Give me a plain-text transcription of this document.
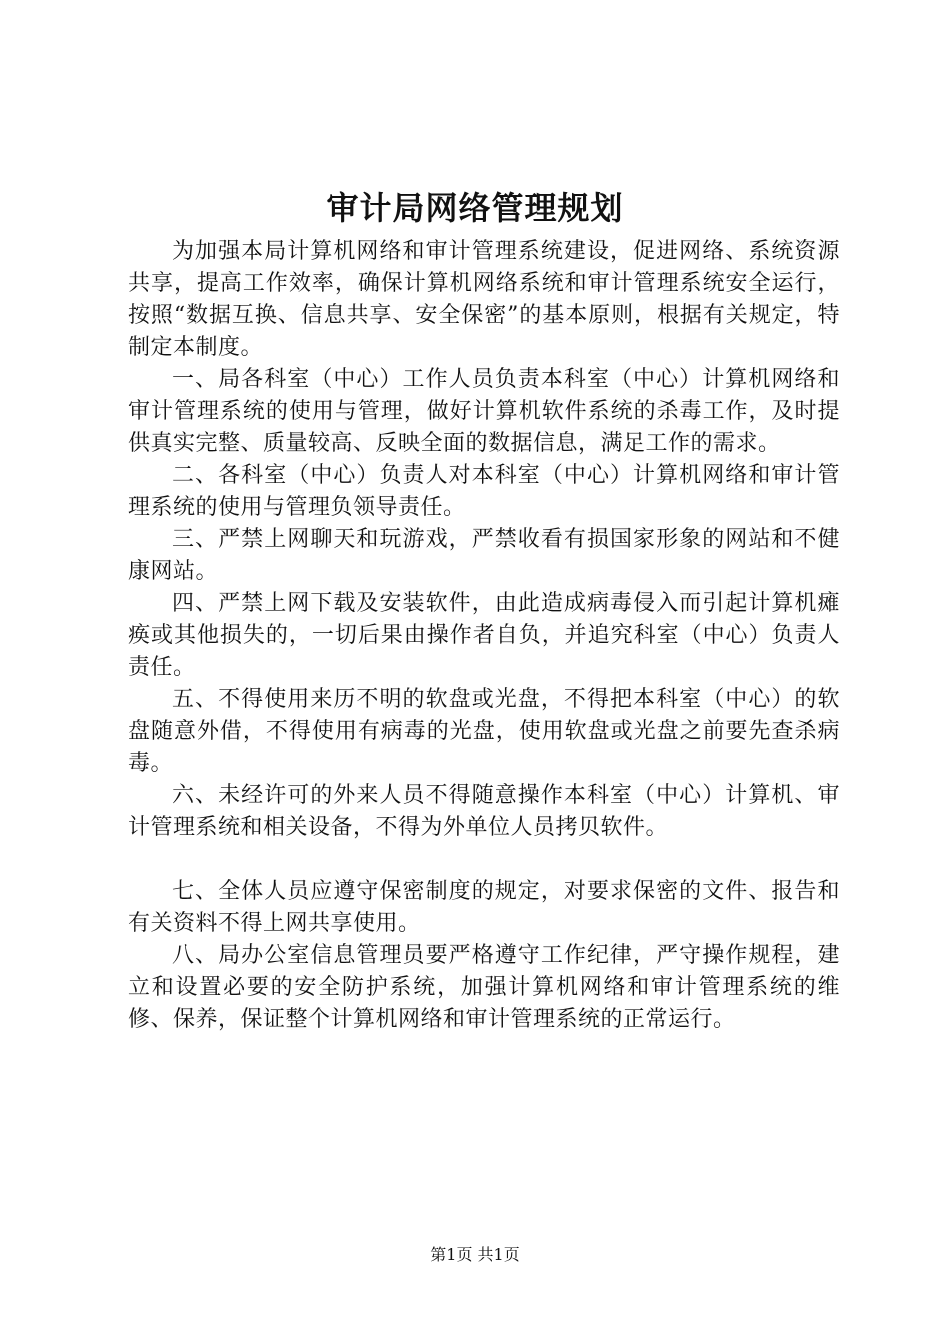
审计局网络管理规划

为加强本局计算机网络和审计管理系统建设，促进网络、系统资源共享，提高工作效率，确保计算机网络系统和审计管理系统安全运行，按照“数据互换、信息共享、安全保密”的基本原则，根据有关规定，特制定本制度。

一、局各科室（中心）工作人员负责本科室（中心）计算机网络和审计管理系统的使用与管理，做好计算机软件系统的杀毒工作，及时提供真实完整、质量较高、反映全面的数据信息，满足工作的需求。

二、各科室（中心）负责人对本科室（中心）计算机网络和审计管理系统的使用与管理负领导责任。

三、严禁上网聊天和玩游戏，严禁收看有损国家形象的网站和不健康网站。

四、严禁上网下载及安装软件，由此造成病毒侵入而引起计算机瘫痪或其他损失的，一切后果由操作者自负，并追究科室（中心）负责人责任。

五、不得使用来历不明的软盘或光盘，不得把本科室（中心）的软盘随意外借，不得使用有病毒的光盘，使用软盘或光盘之前要先查杀病毒。

六、未经许可的外来人员不得随意操作本科室（中心）计算机、审计管理系统和相关设备，不得为外单位人员拷贝软件。

七、全体人员应遵守保密制度的规定，对要求保密的文件、报告和有关资料不得上网共享使用。

八、局办公室信息管理员要严格遵守工作纪律，严守操作规程，建立和设置必要的安全防护系统，加强计算机网络和审计管理系统的维修、保养，保证整个计算机网络和审计管理系统的正常运行。

第1页 共1页
